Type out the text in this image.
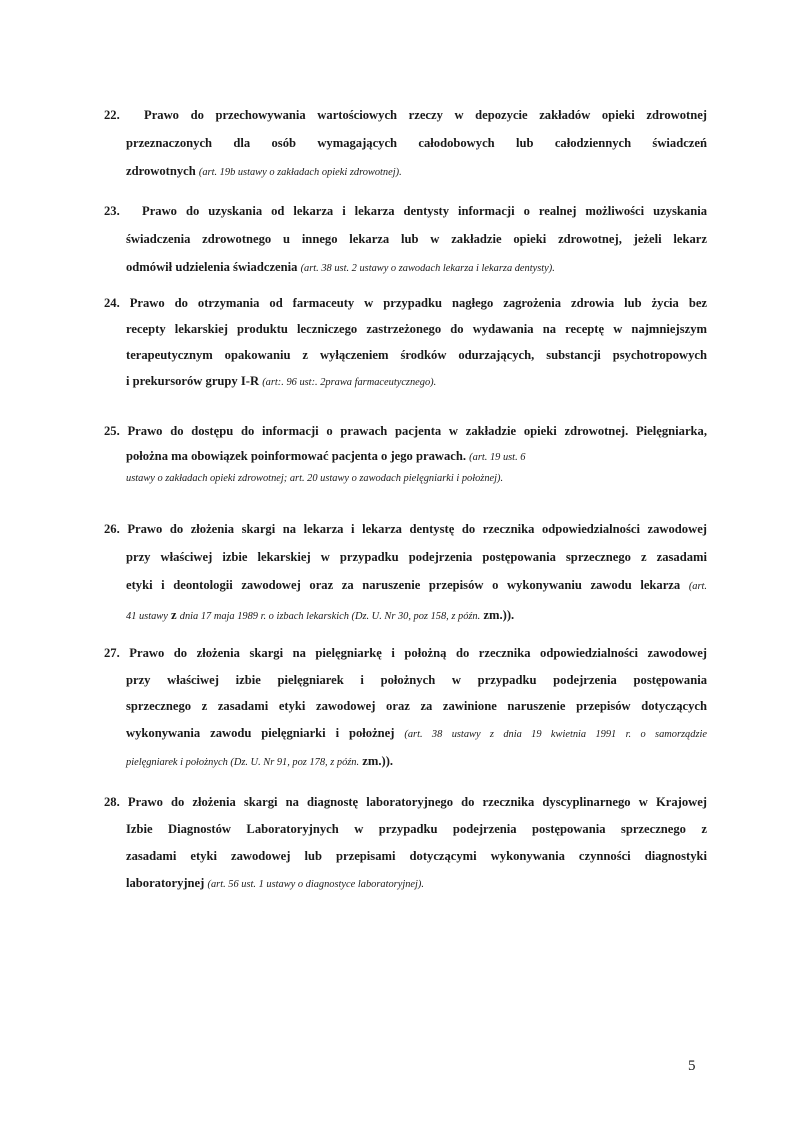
22. Prawo do przechowywania wartościowych rzeczy w depozycie zakładów opieki zdrowotnej
przeznaczonych dla osób wymagających całodobowych lub całodziennych świadczeń
zdrowotnych (art. 19b ustawy o zakładach opieki zdrowotnej).
23. Prawo do uzyskania od lekarza i lekarza dentysty informacji o realnej możliwości uzyskania
świadczenia zdrowotnego u innego lekarza lub w zakładzie opieki zdrowotnej, jeżeli lekarz
odmówił udzielenia świadczenia (art. 38 ust. 2 ustawy o zawodach lekarza i lekarza dentysty).
24. Prawo do otrzymania od farmaceuty w przypadku nagłego zagrożenia zdrowia lub życia bez
recepty lekarskiej produktu leczniczego zastrzeżonego do wydawania na receptę w najmniejszym
terapeutycznym opakowaniu z wyłączeniem środków odurzających, substancji psychotropowych
i prekursorów grupy I-R (art:. 96 ust:. 2prawa farmaceutycznego).
25. Prawo do dostępu do informacji o prawach pacjenta w zakładzie opieki zdrowotnej. Pielęgniarka,
położna ma obowiązek poinformować pacjenta o jego prawach. (art. 19 ust. 6
ustawy o zakładach opieki zdrowotnej; art. 20 ustawy o zawodach pielęgniarki i położnej).
26. Prawo do złożenia skargi na lekarza i lekarza dentystę do rzecznika odpowiedzialności zawodowej
przy właściwej izbie lekarskiej w przypadku podejrzenia postępowania sprzecznego z zasadami
etyki i deontologii zawodowej oraz za naruszenie przepisów o wykonywaniu zawodu lekarza (art.
41 ustawy z dnia 17 maja 1989 r. o izbach lekarskich (Dz. U. Nr 30, poz 158, z późn. zm.)).
27. Prawo do złożenia skargi na pielęgniarkę i położną do rzecznika odpowiedzialności zawodowej
przy właściwej izbie pielęgniarek i położnych w przypadku podejrzenia postępowania
sprzecznego z zasadami etyki zawodowej oraz za zawinione naruszenie przepisów dotyczących
wykonywania zawodu pielęgniarki i położnej (art. 38 ustawy z dnia 19 kwietnia 1991 r. o samorządzie
pielęgniarek i położnych (Dz. U. Nr 91, poz 178, z późn. zm.)).
28. Prawo do złożenia skargi na diagnostę laboratoryjnego do rzecznika dyscyplinarnego w Krajowej
Izbie Diagnostów Laboratoryjnych w przypadku podejrzenia postępowania sprzecznego z
zasadami etyki zawodowej lub przepisami dotyczącymi wykonywania czynności diagnostyki
laboratoryjnej (art. 56 ust. 1 ustawy o diagnostyce laboratoryjnej).
5
